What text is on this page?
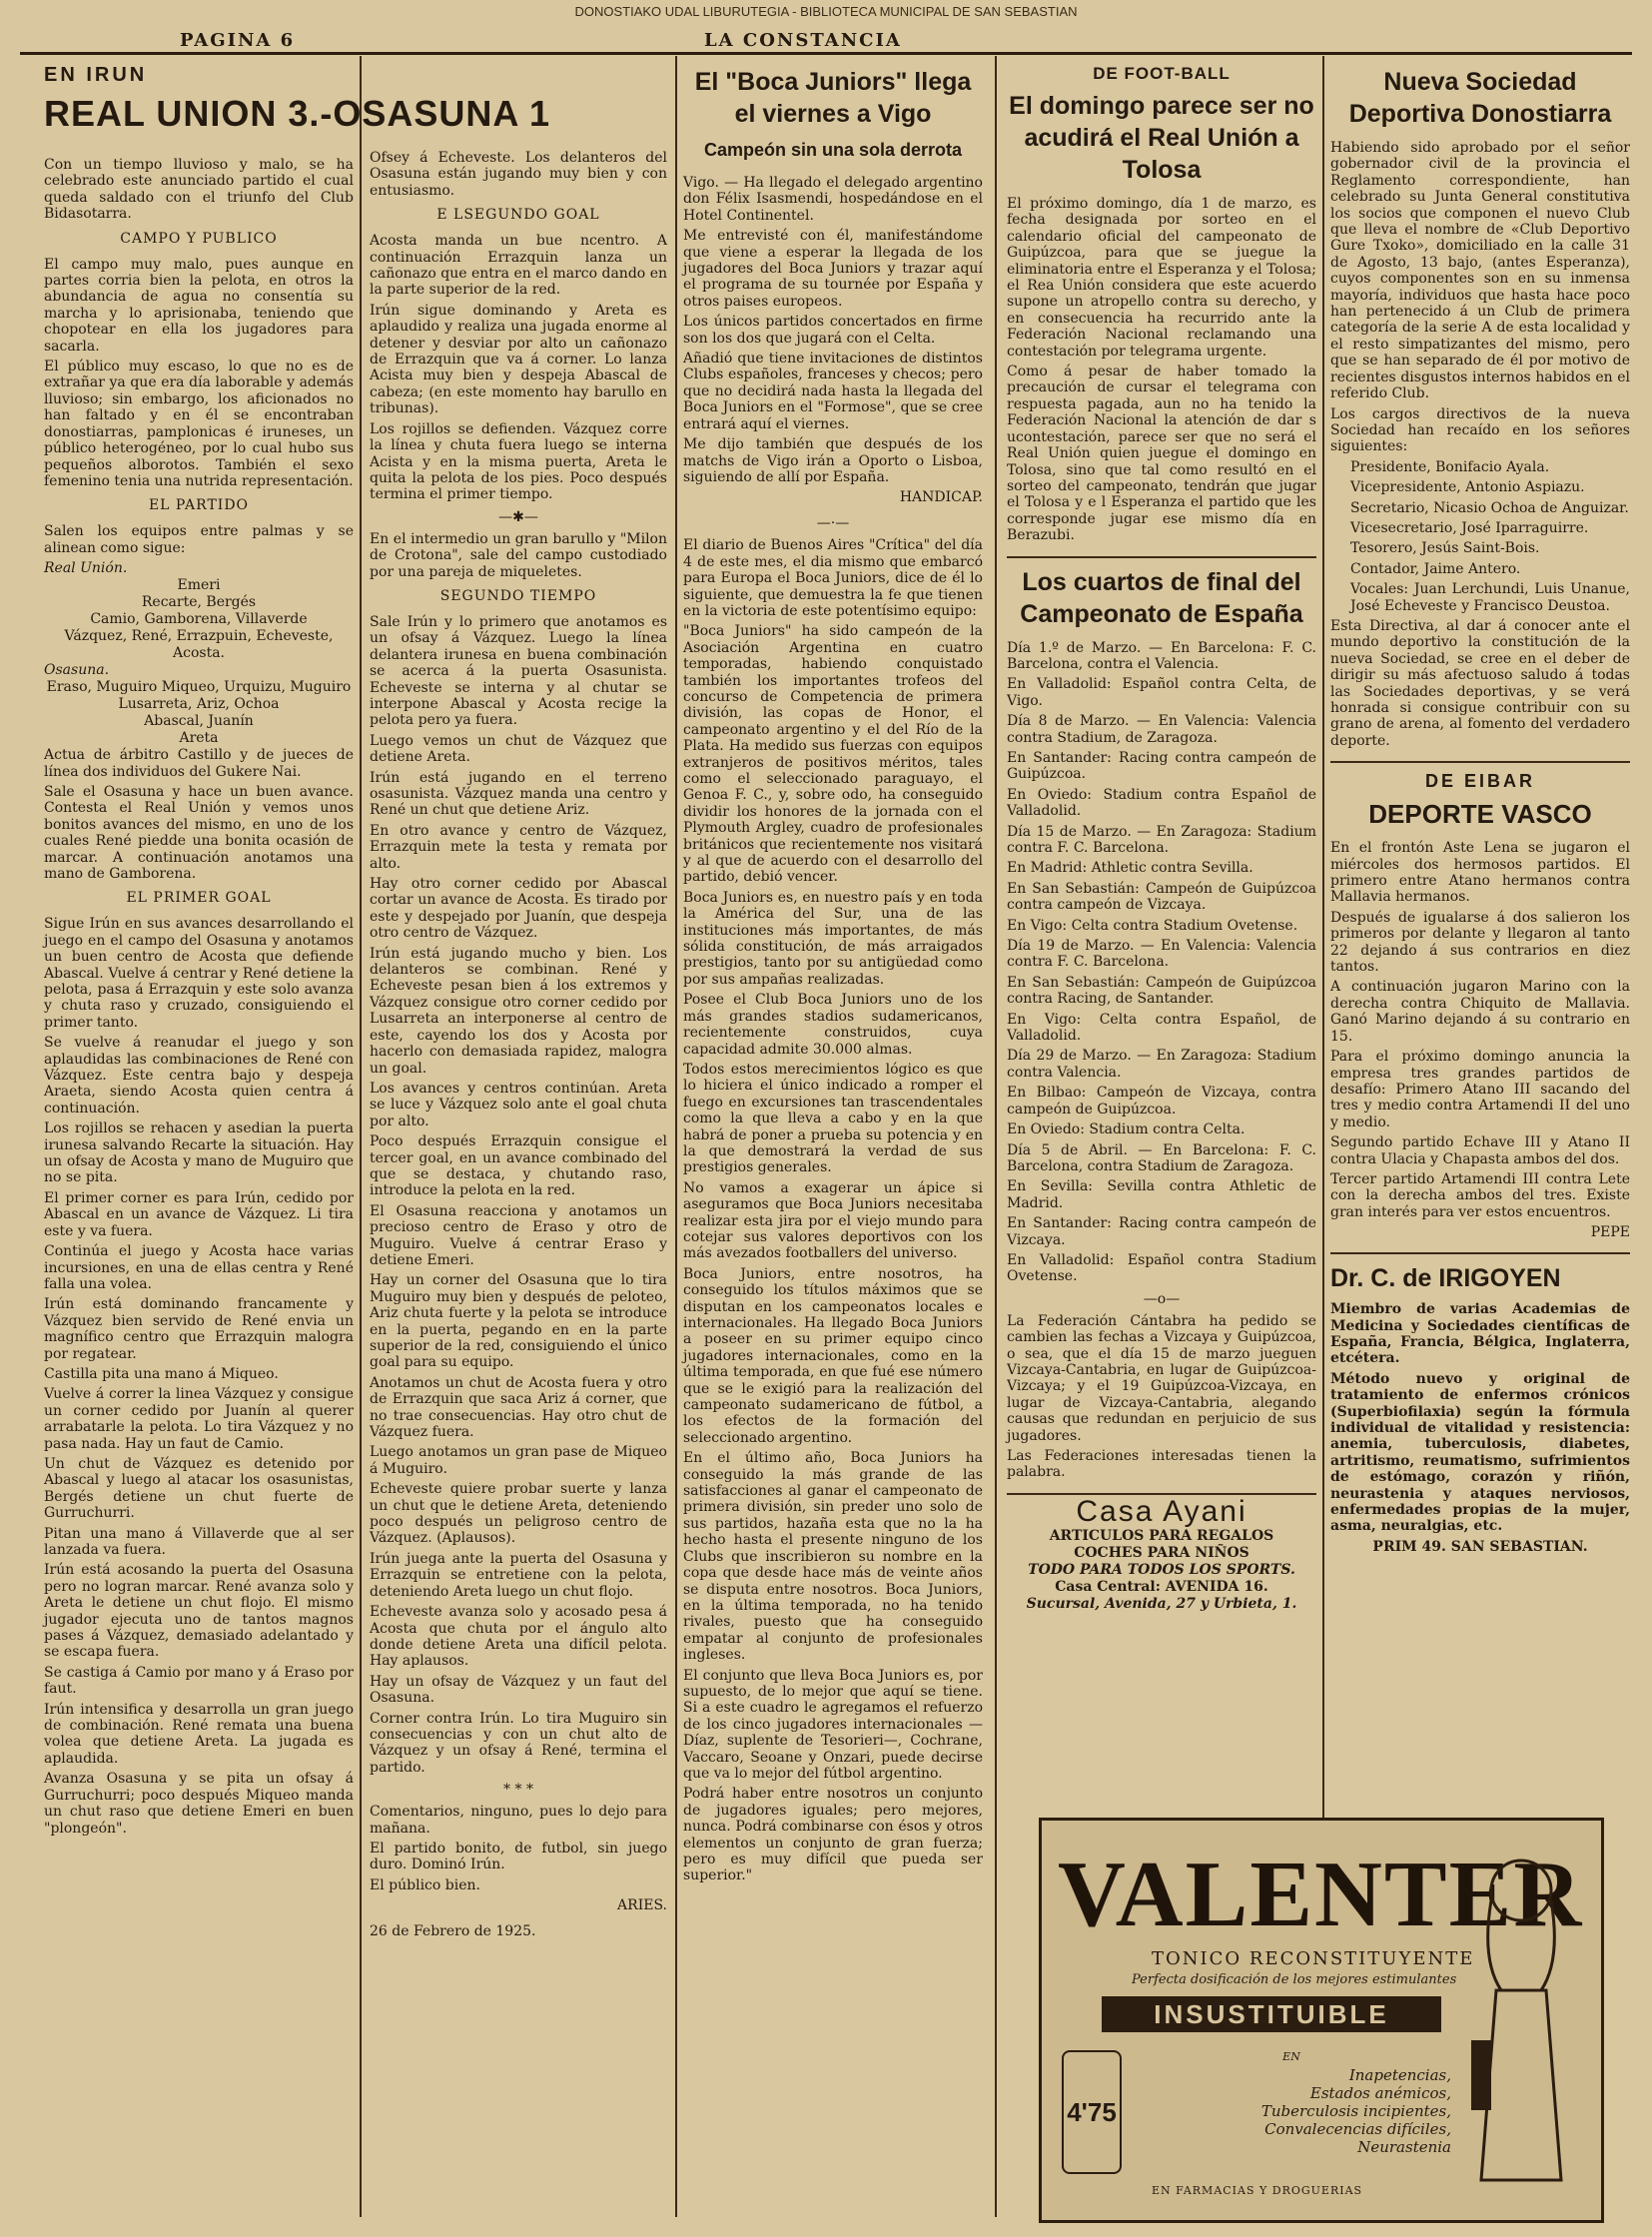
DONOSTIAKO UDAL LIBURUTEGIA - BIBLIOTECA MUNICIPAL DE SAN SEBASTIAN
PAGINA 6	LA CONSTANCIA
EN IRUN
REAL UNION 3.-OSASUNA 1

Con un tiempo lluvioso y malo, se ha celebrado este anunciado partido el cual queda saldado con el triunfo del Club Bidasotarra.

CAMPO Y PUBLICO

El campo muy malo, pues aunque en partes corria bien la pelota, en otros la abundancia de agua no consentía su marcha y lo aprisionaba, teniendo que chopotear en ella los jugadores para sacarla.

El público muy escaso, lo que no es de extrañar ya que era día laborable y además lluvioso; sin embargo, los aficionados no han faltado y en él se encontraban donostiarras, pamplonicas é iruneses, un público heterogéneo, por lo cual hubo sus pequeños alborotos. También el sexo femenino tenia una nutrida representación.

EL PARTIDO

Salen los equipos entre palmas y se alinean como sigue:

Real Unión.

Emeri

Recarte, Bergés

Camio, Gamborena, Villaverde

Vázquez, René, Errazpuin, Echeveste, Acosta.

Osasuna.

Eraso, Muguiro Miqueo, Urquizu, Muguiro

Lusarreta, Ariz, Ochoa

Abascal, Juanín

Areta

Actua de árbitro Castillo y de jueces de línea dos individuos del Gukere Nai.

Sale el Osasuna y hace un buen avance. Contesta el Real Unión y vemos unos bonitos avances del mismo, en uno de los cuales René piedde una bonita ocasión de marcar. A continuación anotamos una mano de Gamborena.

EL PRIMER GOAL

Sigue Irún en sus avances desarrollando el juego en el campo del Osasuna y anotamos un buen centro de Acosta que defiende Abascal. Vuelve á centrar y René detiene la pelota, pasa á Errazquin y este solo avanza y chuta raso y cruzado, consiguiendo el primer tanto.

Se vuelve á reanudar el juego y son aplaudidas las combinaciones de René con Vázquez. Este centra bajo y despeja Araeta, siendo Acosta quien centra á continuación.

Los rojillos se rehacen y asedian la puerta irunesa salvando Recarte la situación. Hay un ofsay de Acosta y mano de Muguiro que no se pita.

El primer corner es para Irún, cedido por Abascal en un avance de Vázquez. Li tira este y va fuera.

Continúa el juego y Acosta hace varias incursiones, en una de ellas centra y René falla una volea.

Irún está dominando francamente y Vázquez bien servido de René envia un magnífico centro que Errazquin malogra por regatear.

Castilla pita una mano á Miqueo.

Vuelve á correr la linea Vázquez y consigue un corner cedido por Juanín al querer arrabatarle la pelota. Lo tira Vázquez y no pasa nada. Hay un faut de Camio.

Un chut de Vázquez es detenido por Abascal y luego al atacar los osasunistas, Bergés detiene un chut fuerte de Gurruchurri.

Pitan una mano á Villaverde que al ser lanzada va fuera.

Irún está acosando la puerta del Osasuna pero no logran marcar. René avanza solo y Areta le detiene un chut flojo. El mismo jugador ejecuta uno de tantos magnos pases á Vázquez, demasiado adelantado y se escapa fuera.

Se castiga á Camio por mano y á Eraso por faut.

Irún intensifica y desarrolla un gran juego de combinación. René remata una buena volea que detiene Areta. La jugada es aplaudida.

Avanza Osasuna y se pita un ofsay á Gurruchurri; poco después Miqueo manda un chut raso que detiene Emeri en buen "plongeón".

Ofsey á Echeveste. Los delanteros del Osasuna están jugando muy bien y con entusiasmo.

E LSEGUNDO GOAL

Acosta manda un bue ncentro. A continuación Errazquin lanza un cañonazo que entra en el marco dando en la parte superior de la red.

Irún sigue dominando y Areta es aplaudido y realiza una jugada enorme al detener y desviar por alto un cañonazo de Errazquin que va á corner. Lo lanza Acista muy bien y despeja Abascal de cabeza; (en este momento hay barullo en tribunas).

Los rojillos se defienden. Vázquez corre la línea y chuta fuera luego se interna Acista y en la misma puerta, Areta le quita la pelota de los pies. Poco después termina el primer tiempo.

—✱—

En el intermedio un gran barullo y "Milon de Crotona", sale del campo custodiado por una pareja de miqueletes.

SEGUNDO TIEMPO

Sale Irún y lo primero que anotamos es un ofsay á Vázquez. Luego la línea delantera irunesa en buena combinación se acerca á la puerta Osasunista. Echeveste se interna y al chutar se interpone Abascal y Acosta recige la pelota pero ya fuera.

Luego vemos un chut de Vázquez que detiene Areta.

Irún está jugando en el terreno osasunista. Vázquez manda una centro y René un chut que detiene Ariz.

En otro avance y centro de Vázquez, Errazquin mete la testa y remata por alto.

Hay otro corner cedido por Abascal cortar un avance de Acosta. Es tirado por este y despejado por Juanín, que despeja otro centro de Vázquez.

Irún está jugando mucho y bien. Los delanteros se combinan. René y Echeveste pesan bien á los extremos y Vázquez consigue otro corner cedido por Lusarreta an interponerse al centro de este, cayendo los dos y Acosta por hacerlo con demasiada rapidez, malogra un goal.

Los avances y centros continúan. Areta se luce y Vázquez solo ante el goal chuta por alto.

Poco después Errazquin consigue el tercer goal, en un avance combinado del que se destaca, y chutando raso, introduce la pelota en la red.

El Osasuna reacciona y anotamos un precioso centro de Eraso y otro de Muguiro. Vuelve á centrar Eraso y detiene Emeri.

Hay un corner del Osasuna que lo tira Muguiro muy bien y después de peloteo, Ariz chuta fuerte y la pelota se introduce en la puerta, pegando en en la parte superior de la red, consiguiendo el único goal para su equipo.

Anotamos un chut de Acosta fuera y otro de Errazquin que saca Ariz á corner, que no trae consecuencias. Hay otro chut de Vázquez fuera.

Luego anotamos un gran pase de Miqueo á Muguiro.

Echeveste quiere probar suerte y lanza un chut que le detiene Areta, deteniendo poco después un peligroso centro de Vázquez. (Aplausos).

Irún juega ante la puerta del Osasuna y Errazquin se entretiene con la pelota, deteniendo Areta luego un chut flojo.

Echeveste avanza solo y acosado pesa á Acosta que chuta por el ángulo alto donde detiene Areta una difícil pelota. Hay aplausos.

Hay un ofsay de Vázquez y un faut del Osasuna.

Corner contra Irún. Lo tira Muguiro sin consecuencias y con un chut alto de Vázquez y un ofsay á René, termina el partido.

* * *

Comentarios, ninguno, pues lo dejo para mañana.

El partido bonito, de futbol, sin juego duro. Dominó Irún.

El público bien.

ARIES.

26 de Febrero de 1925.

El "Boca Juniors" llega el viernes a Vigo
Campeón sin una sola derrota

Vigo. — Ha llegado el delegado argentino don Félix Isasmendi, hospedándose en el Hotel Continentel.

Me entrevisté con él, manifestándome que viene a esperar la llegada de los jugadores del Boca Juniors y trazar aquí el programa de su tournée por España y otros paises europeos.

Los únicos partidos concertados en firme son los dos que jugará con el Celta.

Añadió que tiene invitaciones de distintos Clubs españoles, franceses y checos; pero que no decidirá nada hasta la llegada del Boca Juniors en el "Formose", que se cree entrará aquí el viernes.

Me dijo también que después de los matchs de Vigo irán a Oporto o Lisboa, siguiendo de allí por España.

HANDICAP.
—·—

El diario de Buenos Aires "Crítica" del día 4 de este mes, el dia mismo que embarcó para Europa el Boca Juniors, dice de él lo siguiente, que demuestra la fe que tienen en la victoria de este potentísimo equipo:

"Boca Juniors" ha sido campeón de la Asociación Argentina en cuatro temporadas, habiendo conquistado también los importantes trofeos del concurso de Competencia de primera división, las copas de Honor, el campeonato argentino y el del Río de la Plata. Ha medido sus fuerzas con equipos extranjeros de positivos méritos, tales como el seleccionado paraguayo, el Genoa F. C., y, sobre odo, ha conseguido dividir los honores de la jornada con el Plymouth Argley, cuadro de profesionales británicos que recientemente nos visitará y al que de acuerdo con el desarrollo del partido, debió vencer.

Boca Juniors es, en nuestro país y en toda la América del Sur, una de las instituciones más importantes, de más sólida constitución, de más arraigados prestigios, tanto por su antigüedad como por sus ampañas realizadas.

Posee el Club Boca Juniors uno de los más grandes stadios sudamericanos, recientemente construidos, cuya capacidad admite 30.000 almas.

Todos estos merecimientos lógico es que lo hiciera el único indicado a romper el fuego en excursiones tan trascendentales como la que lleva a cabo y en la que habrá de poner a prueba su potencia y en la que demostrará la verdad de sus prestigios generales.

No vamos a exagerar un ápice si aseguramos que Boca Juniors necesitaba realizar esta jira por el viejo mundo para cotejar sus valores deportivos con los más avezados footballers del universo.

Boca Juniors, entre nosotros, ha conseguido los títulos máximos que se disputan en los campeonatos locales e internacionales. Ha llegado Boca Juniors a poseer en su primer equipo cinco jugadores internacionales, como en la última temporada, en que fué ese número que se le exigió para la realización del campeonato sudamericano de fútbol, a los efectos de la formación del seleccionado argentino.

En el último año, Boca Juniors ha conseguido la más grande de las satisfacciones al ganar el campeonato de primera división, sin preder uno solo de sus partidos, hazaña esta que no la ha hecho hasta el presente ninguno de los Clubs que inscribieron su nombre en la copa que desde hace más de veinte años se disputa entre nosotros. Boca Juniors, en la última temporada, no ha tenido rivales, puesto que ha conseguido empatar al conjunto de profesionales ingleses.

El conjunto que lleva Boca Juniors es, por supuesto, de lo mejor que aquí se tiene. Si a este cuadro le agregamos el refuerzo de los cinco jugadores internacionales —Díaz, suplente de Tesorieri—, Cochrane, Vaccaro, Seoane y Onzari, puede decirse que va lo mejor del fútbol argentino.

Podrá haber entre nosotros un conjunto de jugadores iguales; pero mejores, nunca. Podrá combinarse con ésos y otros elementos un conjunto de gran fuerza; pero es muy difícil que pueda ser superior."

DE FOOT-BALL
El domingo parece ser no acudirá el Real Unión a Tolosa

El próximo domingo, día 1 de marzo, es fecha designada por sorteo en el calendario oficial del campeonato de Guipúzcoa, para que se juegue la eliminatoria entre el Esperanza y el Tolosa; el Rea Unión considera que este acuerdo supone un atropello contra su derecho, y en consecuencia ha recurrido ante la Federación Nacional reclamando una contestación por telegrama urgente.

Como á pesar de haber tomado la precaución de cursar el telegrama con respuesta pagada, aun no ha tenido la Federación Nacional la atención de dar s ucontestación, parece ser que no será el Real Unión quien juegue el domingo en Tolosa, sino que tal como resultó en el sorteo del campeonato, tendrán que jugar el Tolosa y e l Esperanza el partido que les corresponde jugar ese mismo día en Berazubi.

Los cuartos de final del Campeonato de España

Día 1.º de Marzo. — En Barcelona: F. C. Barcelona, contra el Valencia.

En Valladolid: Español contra Celta, de Vigo.

Día 8 de Marzo. — En Valencia: Valencia contra Stadium, de Zaragoza.

En Santander: Racing contra campeón de Guipúzcoa.

En Oviedo: Stadium contra Español de Valladolid.

Día 15 de Marzo. — En Zaragoza: Stadium contra F. C. Barcelona.

En Madrid: Athletic contra Sevilla.

En San Sebastián: Campeón de Guipúzcoa contra campeón de Vizcaya.

En Vigo: Celta contra Stadium Ovetense.

Día 19 de Marzo. — En Valencia: Valencia contra F. C. Barcelona.

En San Sebastián: Campeón de Guipúzcoa contra Racing, de Santander.

En Vigo: Celta contra Español, de Valladolid.

Día 29 de Marzo. — En Zaragoza: Stadium contra Valencia.

En Bilbao: Campeón de Vizcaya, contra campeón de Guipúzcoa.

En Oviedo: Stadium contra Celta.

Día 5 de Abril. — En Barcelona: F. C. Barcelona, contra Stadium de Zaragoza.

En Sevilla: Sevilla contra Athletic de Madrid.

En Santander: Racing contra campeón de Vizcaya.

En Valladolid: Español contra Stadium Ovetense.

—o—

La Federación Cántabra ha pedido se cambien las fechas a Vizcaya y Guipúzcoa, o sea, que el día 15 de marzo jueguen Vizcaya-Cantabria, en lugar de Guipúzcoa-Vizcaya; y el 19 Guipúzcoa-Vizcaya, en lugar de Vizcaya-Cantabria, alegando causas que redundan en perjuicio de sus jugadores.

Las Federaciones interesadas tienen la palabra.

Casa Ayani
ARTICULOS PARA REGALOS
COCHES PARA NIÑOS
TODO PARA TODOS LOS SPORTS.
Casa Central: AVENIDA 16.
Sucursal, Avenida, 27 y Urbieta, 1.
Nueva Sociedad Deportiva Donostiarra

Habiendo sido aprobado por el señor gobernador civil de la provincia el Reglamento correspondiente, han celebrado su Junta General constitutiva los socios que componen el nuevo Club que lleva el nombre de «Club Deportivo Gure Txoko», domiciliado en la calle 31 de Agosto, 13 bajo, (antes Esperanza), cuyos componentes son en su inmensa mayoría, individuos que hasta hace poco han pertenecido á un Club de primera categoría de la serie A de esta localidad y el resto simpatizantes del mismo, pero que se han separado de él por motivo de recientes disgustos internos habidos en el referido Club.

Los cargos directivos de la nueva Sociedad han recaído en los señores siguientes:

Presidente, Bonifacio Ayala.

Vicepresidente, Antonio Aspiazu.

Secretario, Nicasio Ochoa de Anguizar.

Vicesecretario, José Iparraguirre.

Tesorero, Jesús Saint-Bois.

Contador, Jaime Antero.

Vocales: Juan Lerchundi, Luis Unanue, José Echeveste y Francisco Deustoa.

Esta Directiva, al dar á conocer ante el mundo deportivo la constitución de la nueva Sociedad, se cree en el deber de dirigir su más afectuoso saludo á todas las Sociedades deportivas, y se verá honrada si consigue contribuir con su grano de arena, al fomento del verdadero deporte.

DE EIBAR
DEPORTE VASCO

En el frontón Aste Lena se jugaron el miércoles dos hermosos partidos. El primero entre Atano hermanos contra Mallavia hermanos.

Después de igualarse á dos salieron los primeros por delante y llegaron al tanto 22 dejando á sus contrarios en diez tantos.

A continuación jugaron Marino con la derecha contra Chiquito de Mallavia. Ganó Marino dejando á su contrario en 15.

Para el próximo domingo anuncia la empresa tres grandes partidos de desafío: Primero Atano III sacando del tres y medio contra Artamendi II del uno y medio.

Segundo partido Echave III y Atano II contra Ulacia y Chapasta ambos del dos.

Tercer partido Artamendi III contra Lete con la derecha ambos del tres. Existe gran interés para ver estos encuentros.

PEPE
Dr. C. de IRIGOYEN

Miembro de varias Academias de Medicina y Sociedades científicas de España, Francia, Bélgica, Inglaterra, etcétera.

Método nuevo y original de tratamiento de enfermos crónicos (Superbiofilaxia) según la fórmula individual de vitalidad y resistencia: anemia, tuberculosis, diabetes, artritismo, reumatismo, sufrimientos de estómago, corazón y riñón, neurastenia y ataques nerviosos, enfermedades propias de la mujer, asma, neuralgias, etc.

PRIM 49. SAN SEBASTIAN.

VALENTER
TONICO RECONSTITUYENTE
Perfecta dosificación de los mejores estimulantes
INSUSTITUIBLE
4'75
EN
Inapetencias,
Estados anémicos,
Tuberculosis incipientes,
Convalecencias difíciles,
Neurastenia
EN FARMACIAS Y DROGUERIAS
